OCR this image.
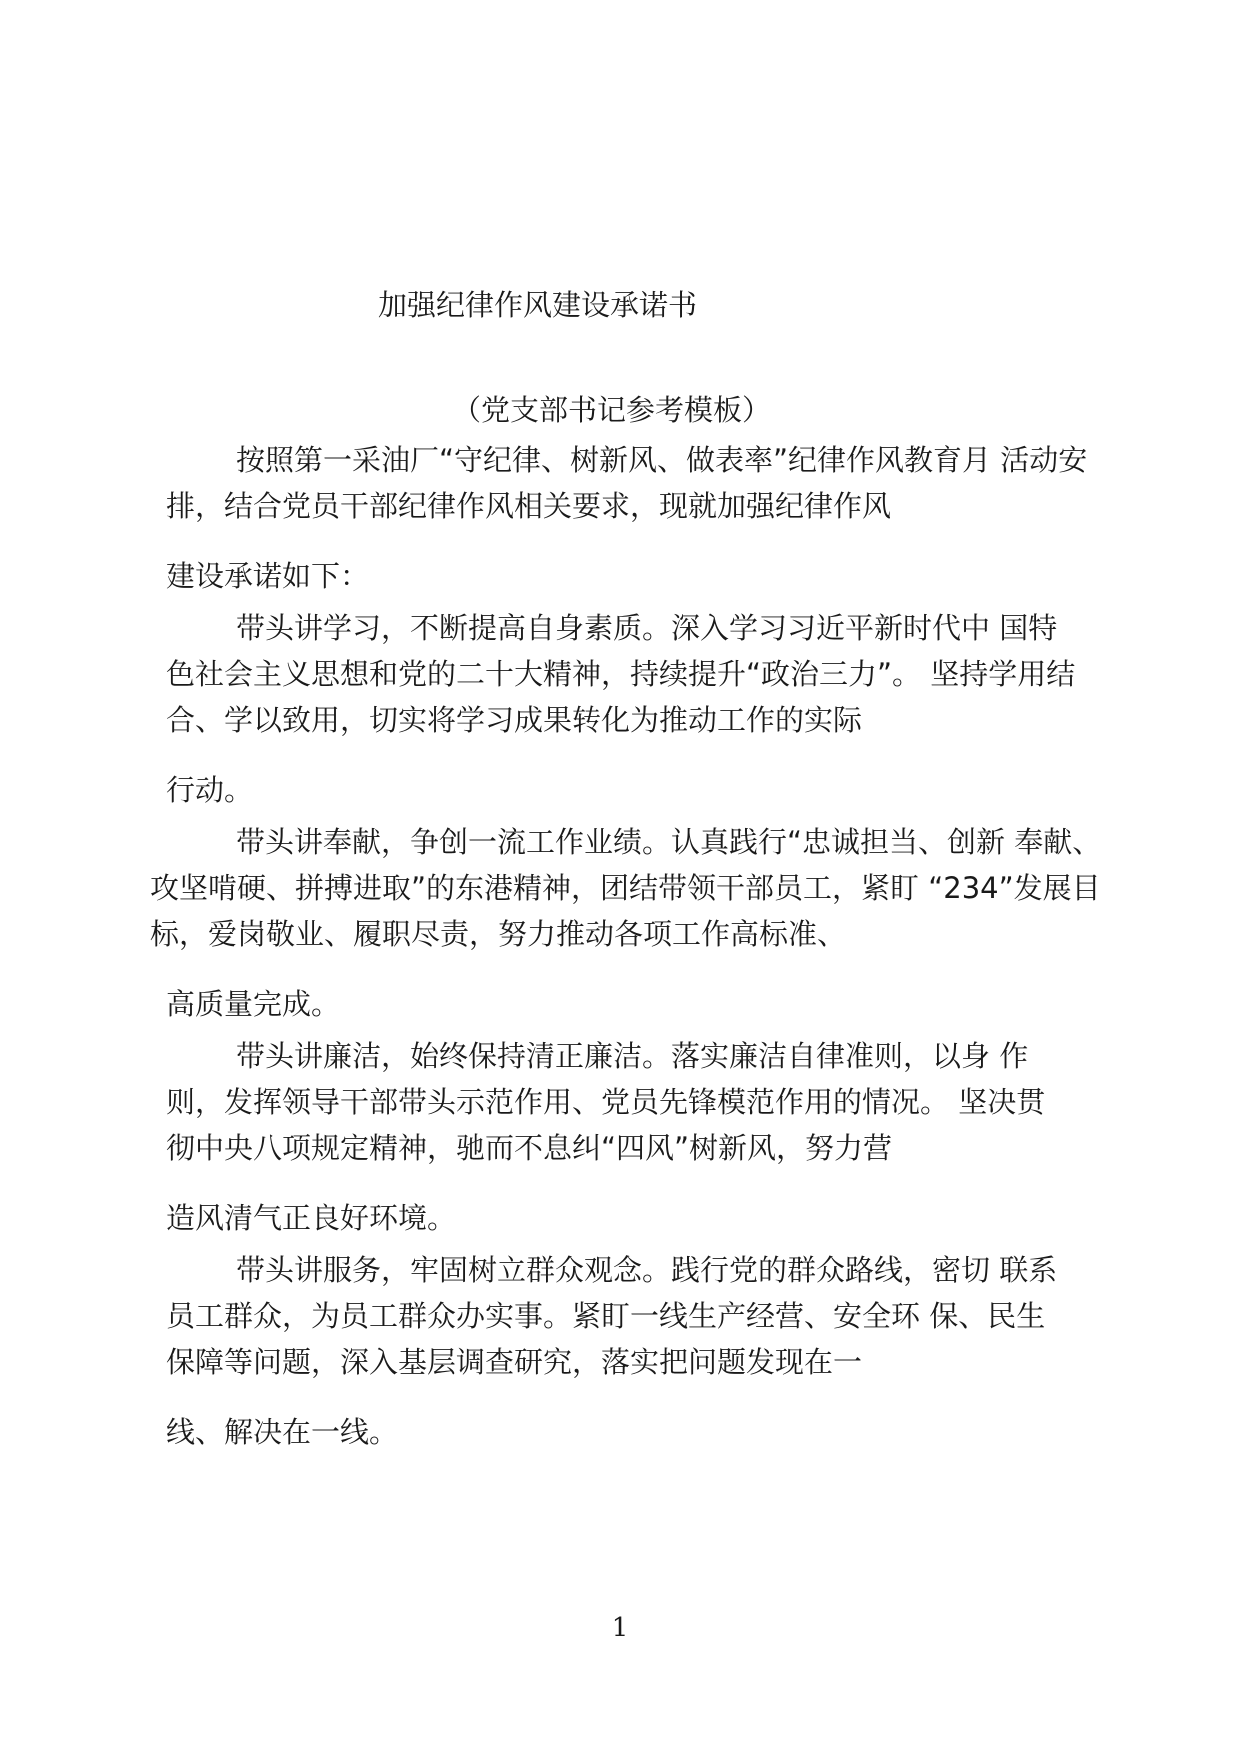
加强纪律作风建设承诺书
（党支部书记参考模板）
按照第一采油厂“守纪律、树新风、做表率”纪律作风教育月 活动安
排，结合党员干部纪律作风相关要求，现就加强纪律作风
建设承诺如下：
带头讲学习，不断提高自身素质。深入学习习近平新时代中 国特
色社会主义思想和党的二十大精神，持续提升“政治三力”。 坚持学用结
合、学以致用，切实将学习成果转化为推动工作的实际
行动。
带头讲奉献，争创一流工作业绩。认真践行“忠诚担当、创新 奉献、
攻坚啃硬、拼搏进取”的东港精神，团结带领干部员工，紧盯 “234”发展目
标，爱岗敬业、履职尽责，努力推动各项工作高标准、
高质量完成。
带头讲廉洁，始终保持清正廉洁。落实廉洁自律准则，以身 作
则，发挥领导干部带头示范作用、党员先锋模范作用的情况。 坚决贯
彻中央八项规定精神，驰而不息纠“四风”树新风，努力营
造风清气正良好环境。
带头讲服务，牢固树立群众观念。践行党的群众路线，密切 联系
员工群众，为员工群众办实事。紧盯一线生产经营、安全环 保、民生
保障等问题，深入基层调查研究，落实把问题发现在一
线、解决在一线。
1
